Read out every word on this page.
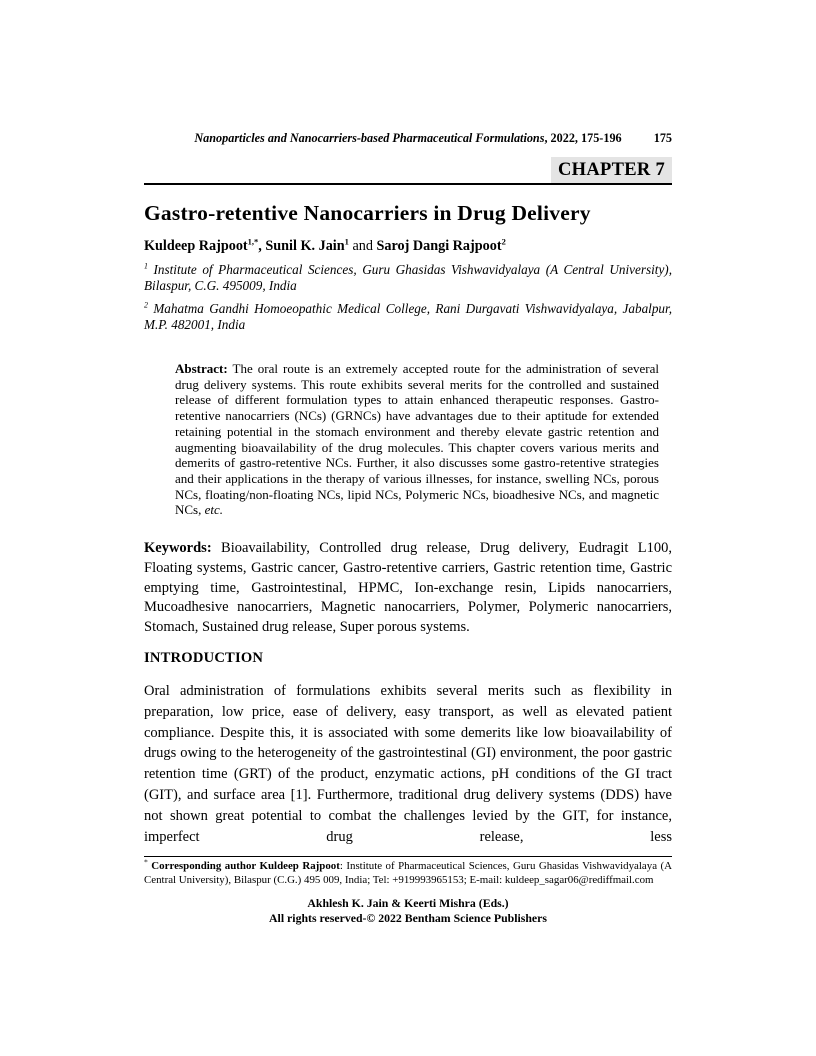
Nanoparticles and Nanocarriers-based Pharmaceutical Formulations, 2022, 175-196	175
CHAPTER 7
Gastro-retentive Nanocarriers in Drug Delivery

Kuldeep Rajpoot$^{1,*}$, Sunil K. Jain$^1$ and Saroj Dangi Rajpoot$^2$

$^1$ Institute of Pharmaceutical Sciences, Guru Ghasidas Vishwavidyalaya (A Central University), Bilaspur, C.G. 495009, India

$^2$ Mahatma Gandhi Homoeopathic Medical College, Rani Durgavati Vishwavidyalaya, Jabalpur, M.P. 482001, India

Abstract: The oral route is an extremely accepted route for the administration of several drug delivery systems. This route exhibits several merits for the controlled and sustained release of different formulation types to attain enhanced therapeutic responses. Gastro-retentive nanocarriers (NCs) (GRNCs) have advantages due to their aptitude for extended retaining potential in the stomach environment and thereby elevate gastric retention and augmenting bioavailability of the drug molecules. This chapter covers various merits and demerits of gastro-retentive NCs. Further, it also discusses some gastro-retentive strategies and their applications in the therapy of various illnesses, for instance, swelling NCs, porous NCs, floating/non-floating NCs, lipid NCs, Polymeric NCs, bioadhesive NCs, and magnetic NCs, etc.
Keywords: Bioavailability, Controlled drug release, Drug delivery, Eudragit L100, Floating systems, Gastric cancer, Gastro-retentive carriers, Gastric retention time, Gastric emptying time, Gastrointestinal, HPMC, Ion-exchange resin, Lipids nanocarriers, Mucoadhesive nanocarriers, Magnetic nanocarriers, Polymer, Polymeric nanocarriers, Stomach, Sustained drug release, Super porous systems.
INTRODUCTION

Oral administration of formulations exhibits several merits such as flexibility in preparation, low price, ease of delivery, easy transport, as well as elevated patient compliance. Despite this, it is associated with some demerits like low bioavailability of drugs owing to the heterogeneity of the gastrointestinal (GI) environment, the poor gastric retention time (GRT) of the product, enzymatic actions, pH conditions of the GI tract (GIT), and surface area [1]. Furthermore, traditional drug delivery systems (DDS) have not shown great potential to combat the challenges levied by the GIT, for instance, imperfect drug release, less

* Corresponding author Kuldeep Rajpoot: Institute of Pharmaceutical Sciences, Guru Ghasidas Vishwavidyalaya (A Central University), Bilaspur (C.G.) 495 009, India; Tel: +919993965153; E-mail: kuldeep_sagar06@rediffmail.com
Akhlesh K. Jain & Keerti Mishra (Eds.)
All rights reserved-© 2022 Bentham Science Publishers
